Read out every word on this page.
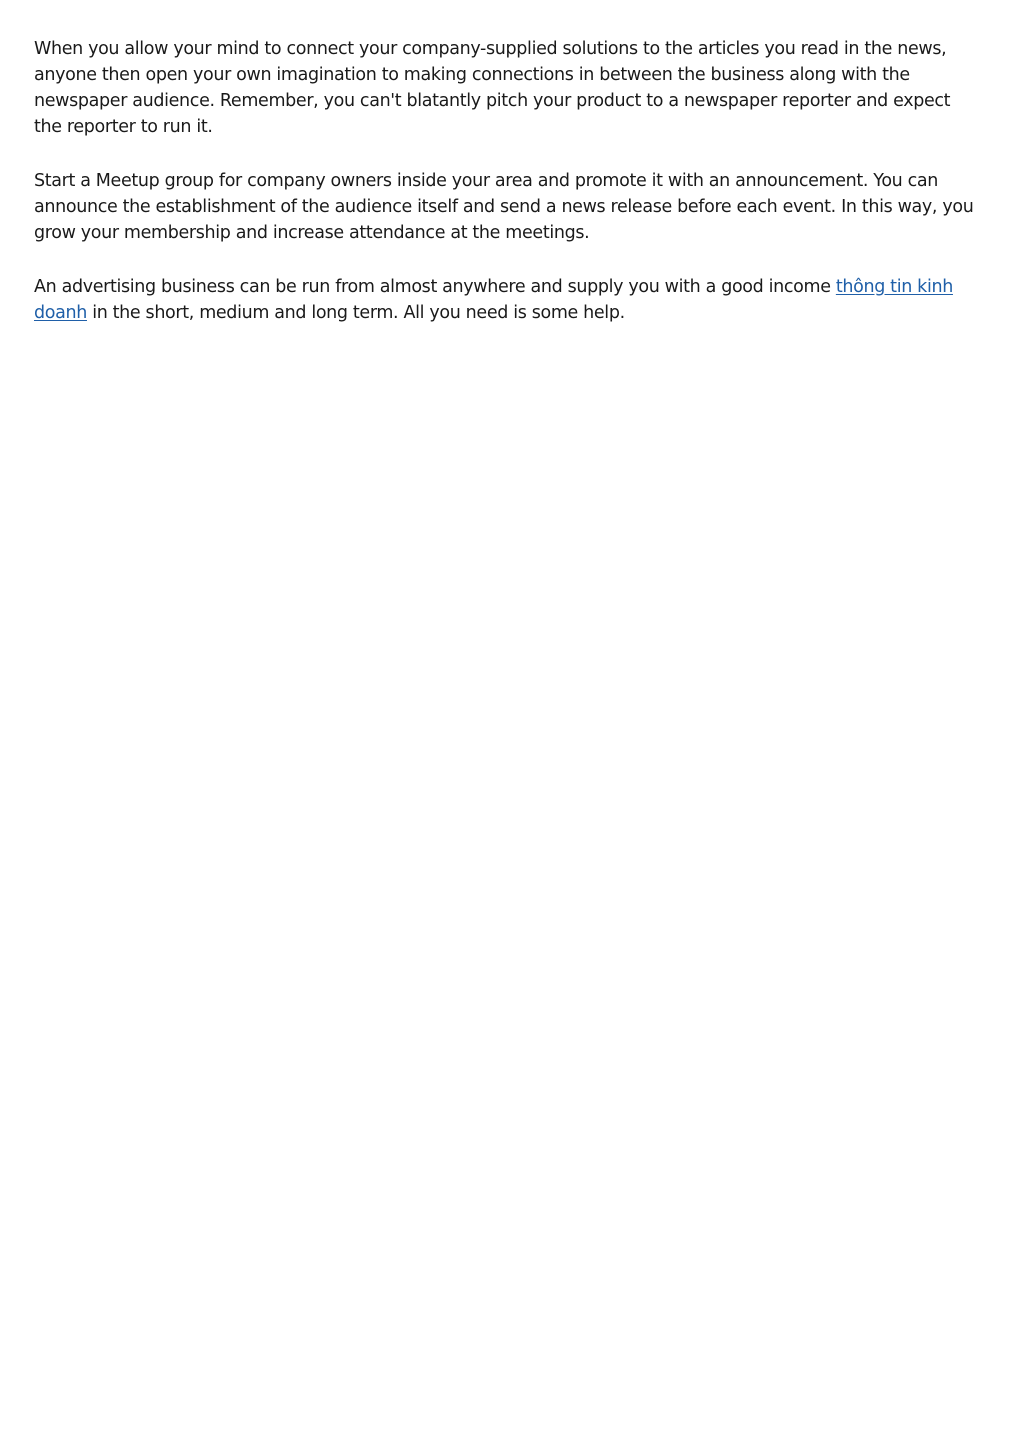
When you allow your mind to connect your company-supplied solutions to the articles you read in the news, anyone then open your own imagination to making connections in between the business along with the newspaper audience. Remember, you can't blatantly pitch your product to a newspaper reporter and expect the reporter to run it.

Start a Meetup group for company owners inside your area and promote it with an announcement. You can announce the establishment of the audience itself and send a news release before each event. In this way, you grow your membership and increase attendance at the meetings.

An advertising business can be run from almost anywhere and supply you with a good income thông tin kinh doanh in the short, medium and long term. All you need is some help.
